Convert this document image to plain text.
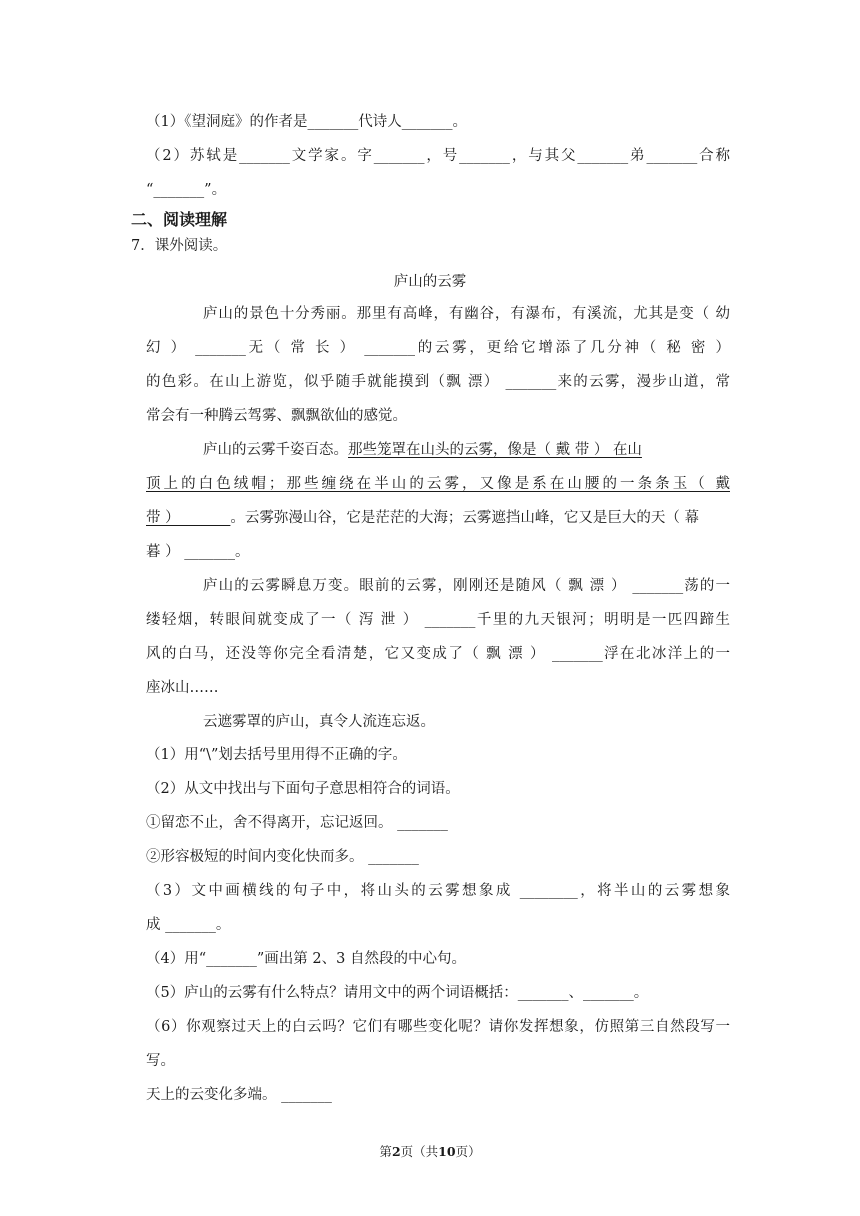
（1）《望洞庭》的作者是_______代诗人_______。
（2）苏轼是_______文学家。字_______，号_______，与其父_______弟_______合称
“_______”。
二、阅读理解
7．课外阅读。
庐山的云雾
庐山的景色十分秀丽。那里有高峰，有幽谷，有瀑布，有溪流，尤其是变（ 幼
幻 ） _______无（ 常 长 ） _______的云雾，更给它增添了几分神（ 秘 密 ）
的色彩。在山上游览，似乎随手就能摸到（飘 漂） _______来的云雾，漫步山道，常
常会有一种腾云驾雾、飘飘欲仙的感觉。
庐山的云雾千姿百态。那些笼罩在山头的云雾，像是（ 戴 带 ） 在山
顶上的白色绒帽；那些缠绕在半山的云雾，又像是系在山腰的一条条玉（ 戴
带 ）_______。云雾弥漫山谷，它是茫茫的大海；云雾遮挡山峰，它又是巨大的天（ 幕
暮 ） _______。
庐山的云雾瞬息万变。眼前的云雾，刚刚还是随风（ 飘 漂 ） _______荡的一
缕轻烟，转眼间就变成了一（ 泻 泄 ） _______千里的九天银河；明明是一匹四蹄生
风的白马，还没等你完全看清楚，它又变成了（ 飘 漂 ） _______浮在北冰洋上的一
座冰山……
云遮雾罩的庐山，真令人流连忘返。
（1）用“\”划去括号里用得不正确的字。
（2）从文中找出与下面句子意思相符合的词语。
①留恋不止，舍不得离开，忘记返回。 _______
②形容极短的时间内变化快而多。 _______
（3）文中画横线的句子中，将山头的云雾想象成 ________，将半山的云雾想象
成 _______。
（4）用“_______”画出第 2、3 自然段的中心句。
（5）庐山的云雾有什么特点？请用文中的两个词语概括：_______、_______。
（6）你观察过天上的白云吗？它们有哪些变化呢？请你发挥想象，仿照第三自然段写一
写。
天上的云变化多端。 _______
第2页（共10页）
